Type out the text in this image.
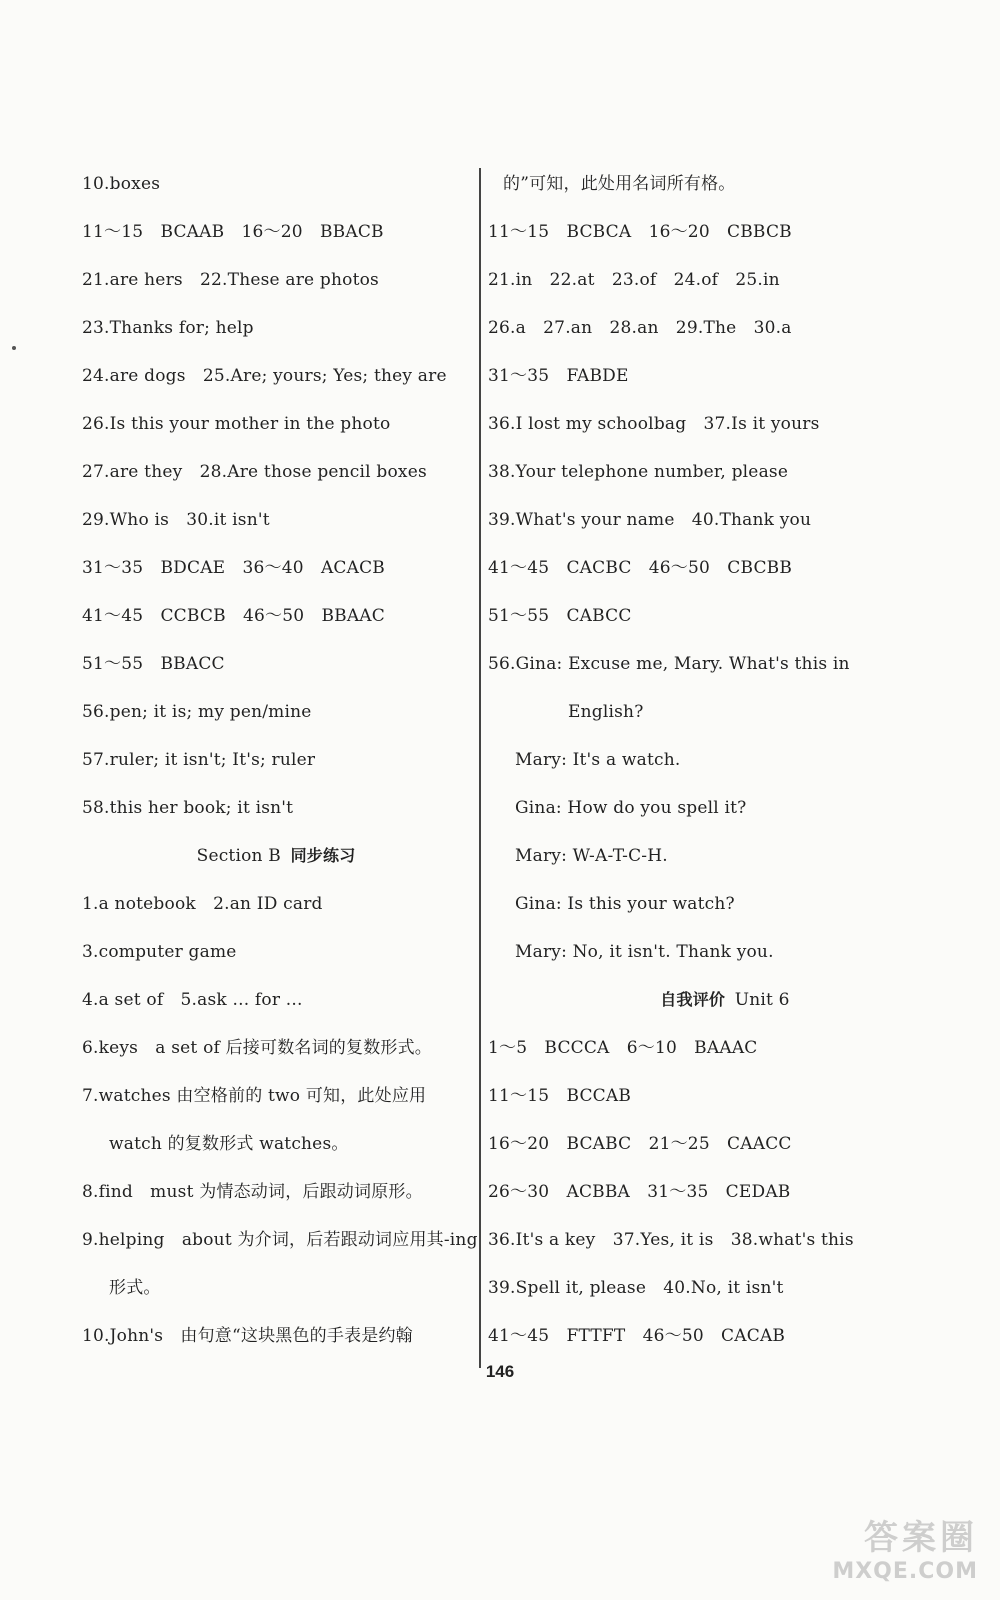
10.boxes
11～15　BCAAB　16～20　BBACB
21.are hers　22.These are photos
23.Thanks for; help
24.are dogs　25.Are; yours; Yes; they are
26.Is this your mother in the photo
27.are they　28.Are those pencil boxes
29.Who is　30.it isn't
31～35　BDCAE　36～40　ACACB
41～45　CCBCB　46～50　BBAAC
51～55　BBACC
56.pen; it is; my pen/mine
57.ruler; it isn't; It's; ruler
58.this her book; it isn't
Section B 同步练习
1.a notebook　2.an ID card
3.computer game
4.a set of　5.ask ... for ...
6.keys　a set of 后接可数名词的复数形式。
7.watches 由空格前的 two 可知，此处应用
watch 的复数形式 watches。
8.find　must 为情态动词，后跟动词原形。
9.helping　about 为介词，后若跟动词应用其-ing
形式。
10.John's　由句意“这块黑色的手表是约翰
的”可知，此处用名词所有格。
11～15　BCBCA　16～20　CBBCB
21.in　22.at　23.of　24.of　25.in
26.a　27.an　28.an　29.The　30.a
31～35　FABDE
36.I lost my schoolbag　37.Is it yours
38.Your telephone number, please
39.What's your name　40.Thank you
41～45　CACBC　46～50　CBCBB
51～55　CABCC
56.Gina: Excuse me, Mary. What's this in
English?
Mary: It's a watch.
Gina: How do you spell it?
Mary: W-A-T-C-H.
Gina: Is this your watch?
Mary: No, it isn't. Thank you.
自我评价 Unit 6
1～5　BCCCA　6～10　BAAAC
11～15　BCCAB
16～20　BCABC　21～25　CAACC
26～30　ACBBA　31～35　CEDAB
36.It's a key　37.Yes, it is　38.what's this
39.Spell it, please　40.No, it isn't
41～45　FTTFT　46～50　CACAB
146
答案圈
MXQE.COM
